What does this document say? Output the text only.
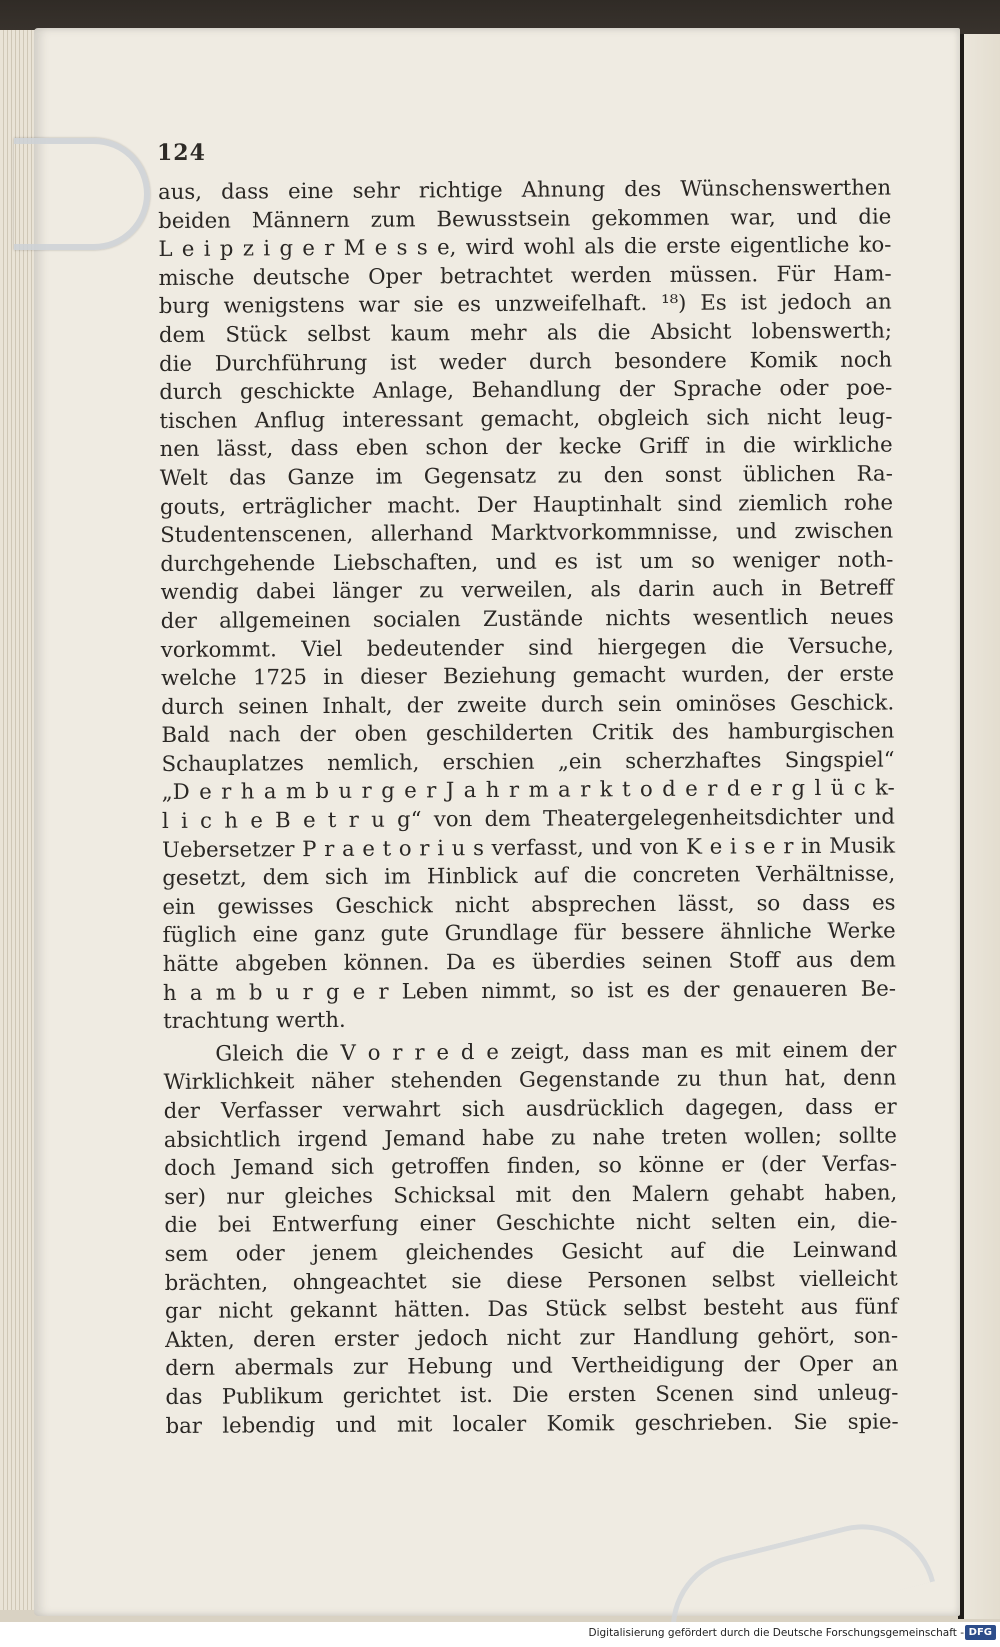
124
aus, dass eine sehr richtige Ahnung des Wünschenswerthen
beiden Männern zum Bewusstsein gekommen war, und die
L e i p z i g e r M e s s e, wird wohl als die erste eigentliche ko-
mische deutsche Oper betrachtet werden müssen. Für Ham-
burg wenigstens war sie es unzweifelhaft. ¹⁸) Es ist jedoch an
dem Stück selbst kaum mehr als die Absicht lobenswerth;
die Durchführung ist weder durch besondere Komik noch
durch geschickte Anlage, Behandlung der Sprache oder poe-
tischen Anflug interessant gemacht, obgleich sich nicht leug-
nen lässt, dass eben schon der kecke Griff in die wirkliche
Welt das Ganze im Gegensatz zu den sonst üblichen Ra-
gouts, erträglicher macht. Der Hauptinhalt sind ziemlich rohe
Studentenscenen, allerhand Marktvorkommnisse, und zwischen
durchgehende Liebschaften, und es ist um so weniger noth-
wendig dabei länger zu verweilen, als darin auch in Betreff
der allgemeinen socialen Zustände nichts wesentlich neues
vorkommt. Viel bedeutender sind hiergegen die Versuche,
welche 1725 in dieser Beziehung gemacht wurden, der erste
durch seinen Inhalt, der zweite durch sein ominöses Geschick.
Bald nach der oben geschilderten Critik des hamburgischen
Schauplatzes nemlich, erschien „ein scherzhaftes Singspiel“
„D e r h a m b u r g e r J a h r m a r k t o d e r d e r g l ü c k-
l i c h e B e t r u g“ von dem Theatergelegenheitsdichter und
Uebersetzer P r a e t o r i u s verfasst, und von K e i s e r in Musik
gesetzt, dem sich im Hinblick auf die concreten Verhältnisse,
ein gewisses Geschick nicht absprechen lässt, so dass es
füglich eine ganz gute Grundlage für bessere ähnliche Werke
hätte abgeben können. Da es überdies seinen Stoff aus dem
h a m b u r g e r Leben nimmt, so ist es der genaueren Be-
trachtung werth.
Gleich die V o r r e d e zeigt, dass man es mit einem der
Wirklichkeit näher stehenden Gegenstande zu thun hat, denn
der Verfasser verwahrt sich ausdrücklich dagegen, dass er
absichtlich irgend Jemand habe zu nahe treten wollen; sollte
doch Jemand sich getroffen finden, so könne er (der Verfas-
ser) nur gleiches Schicksal mit den Malern gehabt haben,
die bei Entwerfung einer Geschichte nicht selten ein, die-
sem oder jenem gleichendes Gesicht auf die Leinwand
brächten, ohngeachtet sie diese Personen selbst vielleicht
gar nicht gekannt hätten. Das Stück selbst besteht aus fünf
Akten, deren erster jedoch nicht zur Handlung gehört, son-
dern abermals zur Hebung und Vertheidigung der Oper an
das Publikum gerichtet ist. Die ersten Scenen sind unleug-
bar lebendig und mit localer Komik geschrieben. Sie spie-
Digitalisierung gefördert durch die Deutsche Forschungsgemeinschaft - DFG
